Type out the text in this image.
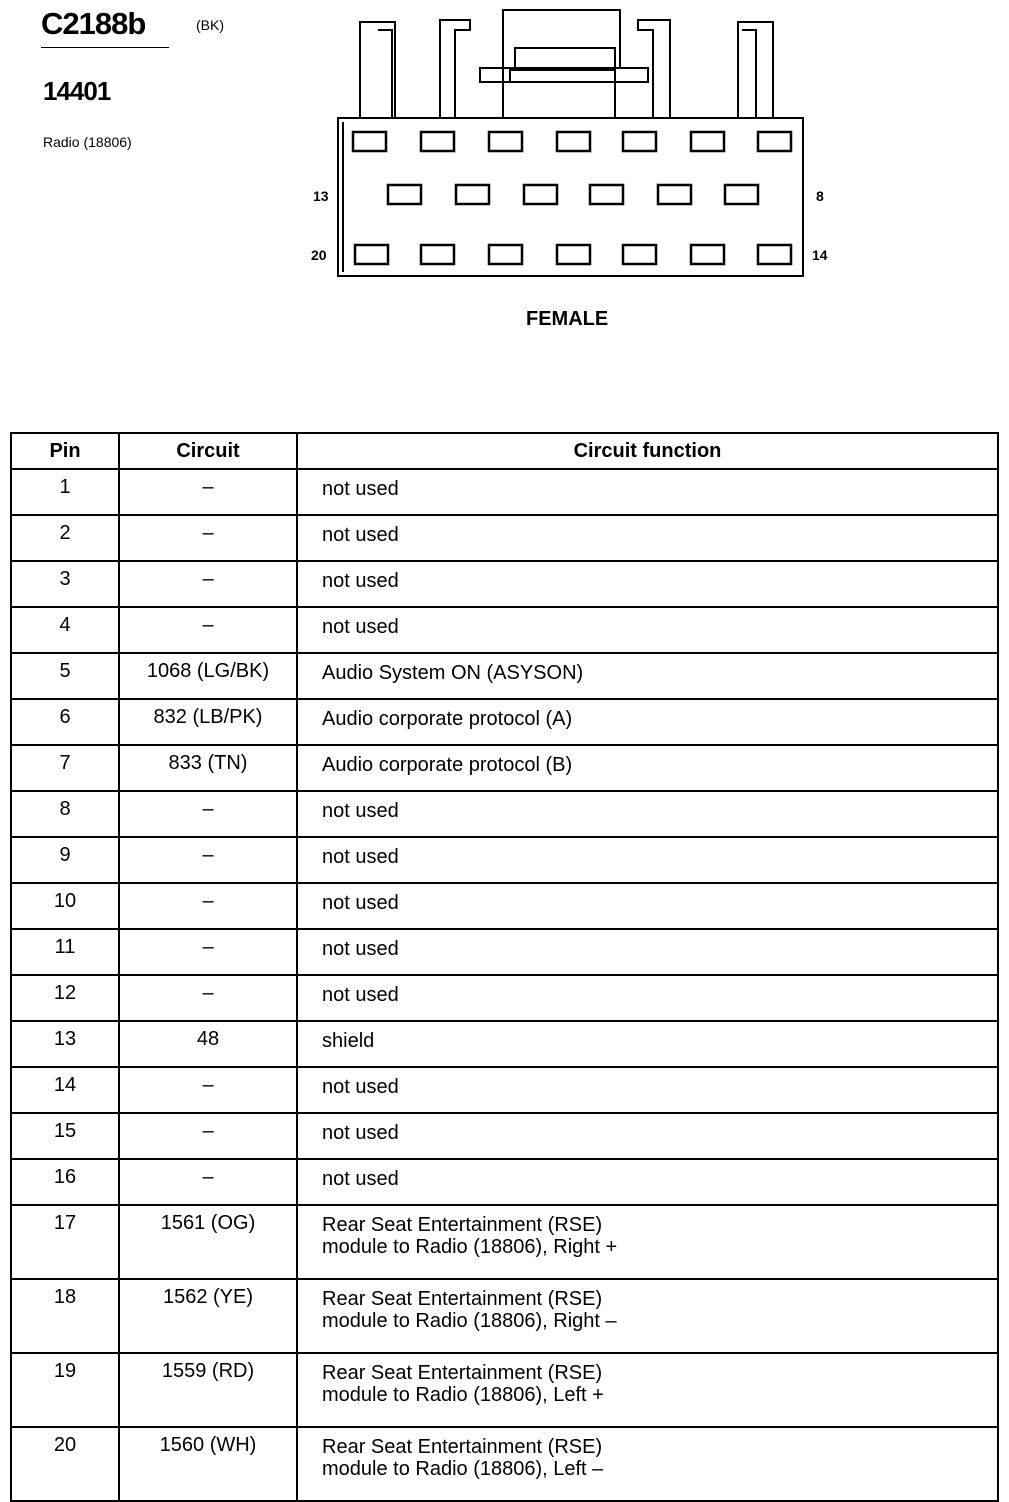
C2188b	(BK)
14401
Radio (18806)
13
20
8
14
FEMALE
Pin	Circuit	Circuit function
1	–	not used

2	–	not used

3	–	not used

4	–	not used

5	1068 (LG/BK)	Audio System ON (ASYSON)

6	832 (LB/PK)	Audio corporate protocol (A)

7	833 (TN)	Audio corporate protocol (B)

8	–	not used

9	–	not used

10	–	not used

11	–	not used

12	–	not used

13	48	shield

14	–	not used

15	–	not used

16	–	not used

17	1561 (OG)	Rear Seat Entertainment (RSE)
module to Radio (18806), Right +

18	1562 (YE)	Rear Seat Entertainment (RSE)
module to Radio (18806), Right –

19	1559 (RD)	Rear Seat Entertainment (RSE)
module to Radio (18806), Left +

20	1560 (WH)	Rear Seat Entertainment (RSE)
module to Radio (18806), Left –
